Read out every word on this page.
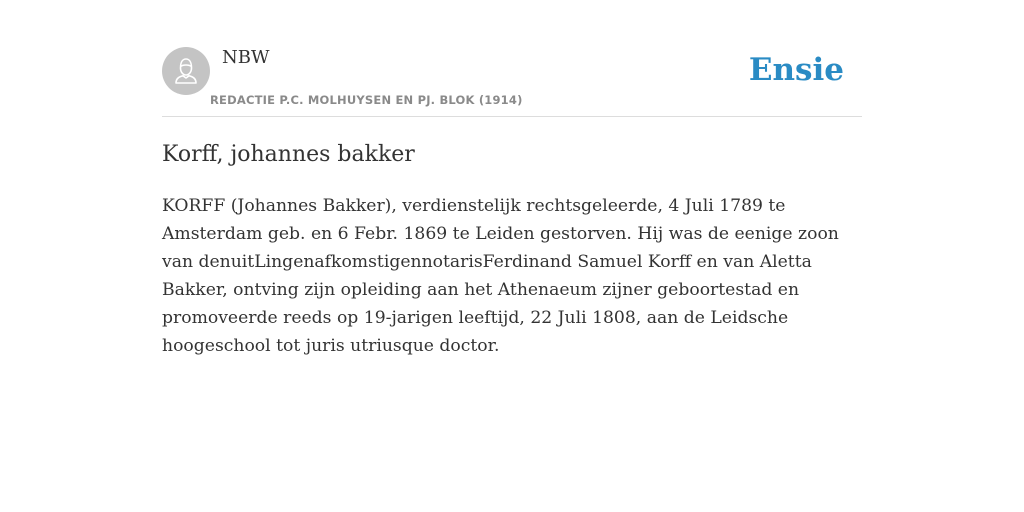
NBW
REDACTIE P.C. MOLHUYSEN EN PJ. BLOK (1914)
Ensie
Korff, johannes bakker

KORFF (Johannes Bakker), verdienstelijk rechtsgeleerde, 4 Juli 1789 te Amsterdam geb. en 6 Febr. 1869 te Leiden gestorven. Hij was de eenige zoon van denuitLingenafkomstigennotarisFerdinand Samuel Korff en van Aletta Bakker, ontving zijn opleiding aan het Athenaeum zijner geboortestad en promoveerde reeds op 19-jarigen leeftijd, 22 Juli 1808, aan de Leidsche hoogeschool tot juris utriusque doctor.
